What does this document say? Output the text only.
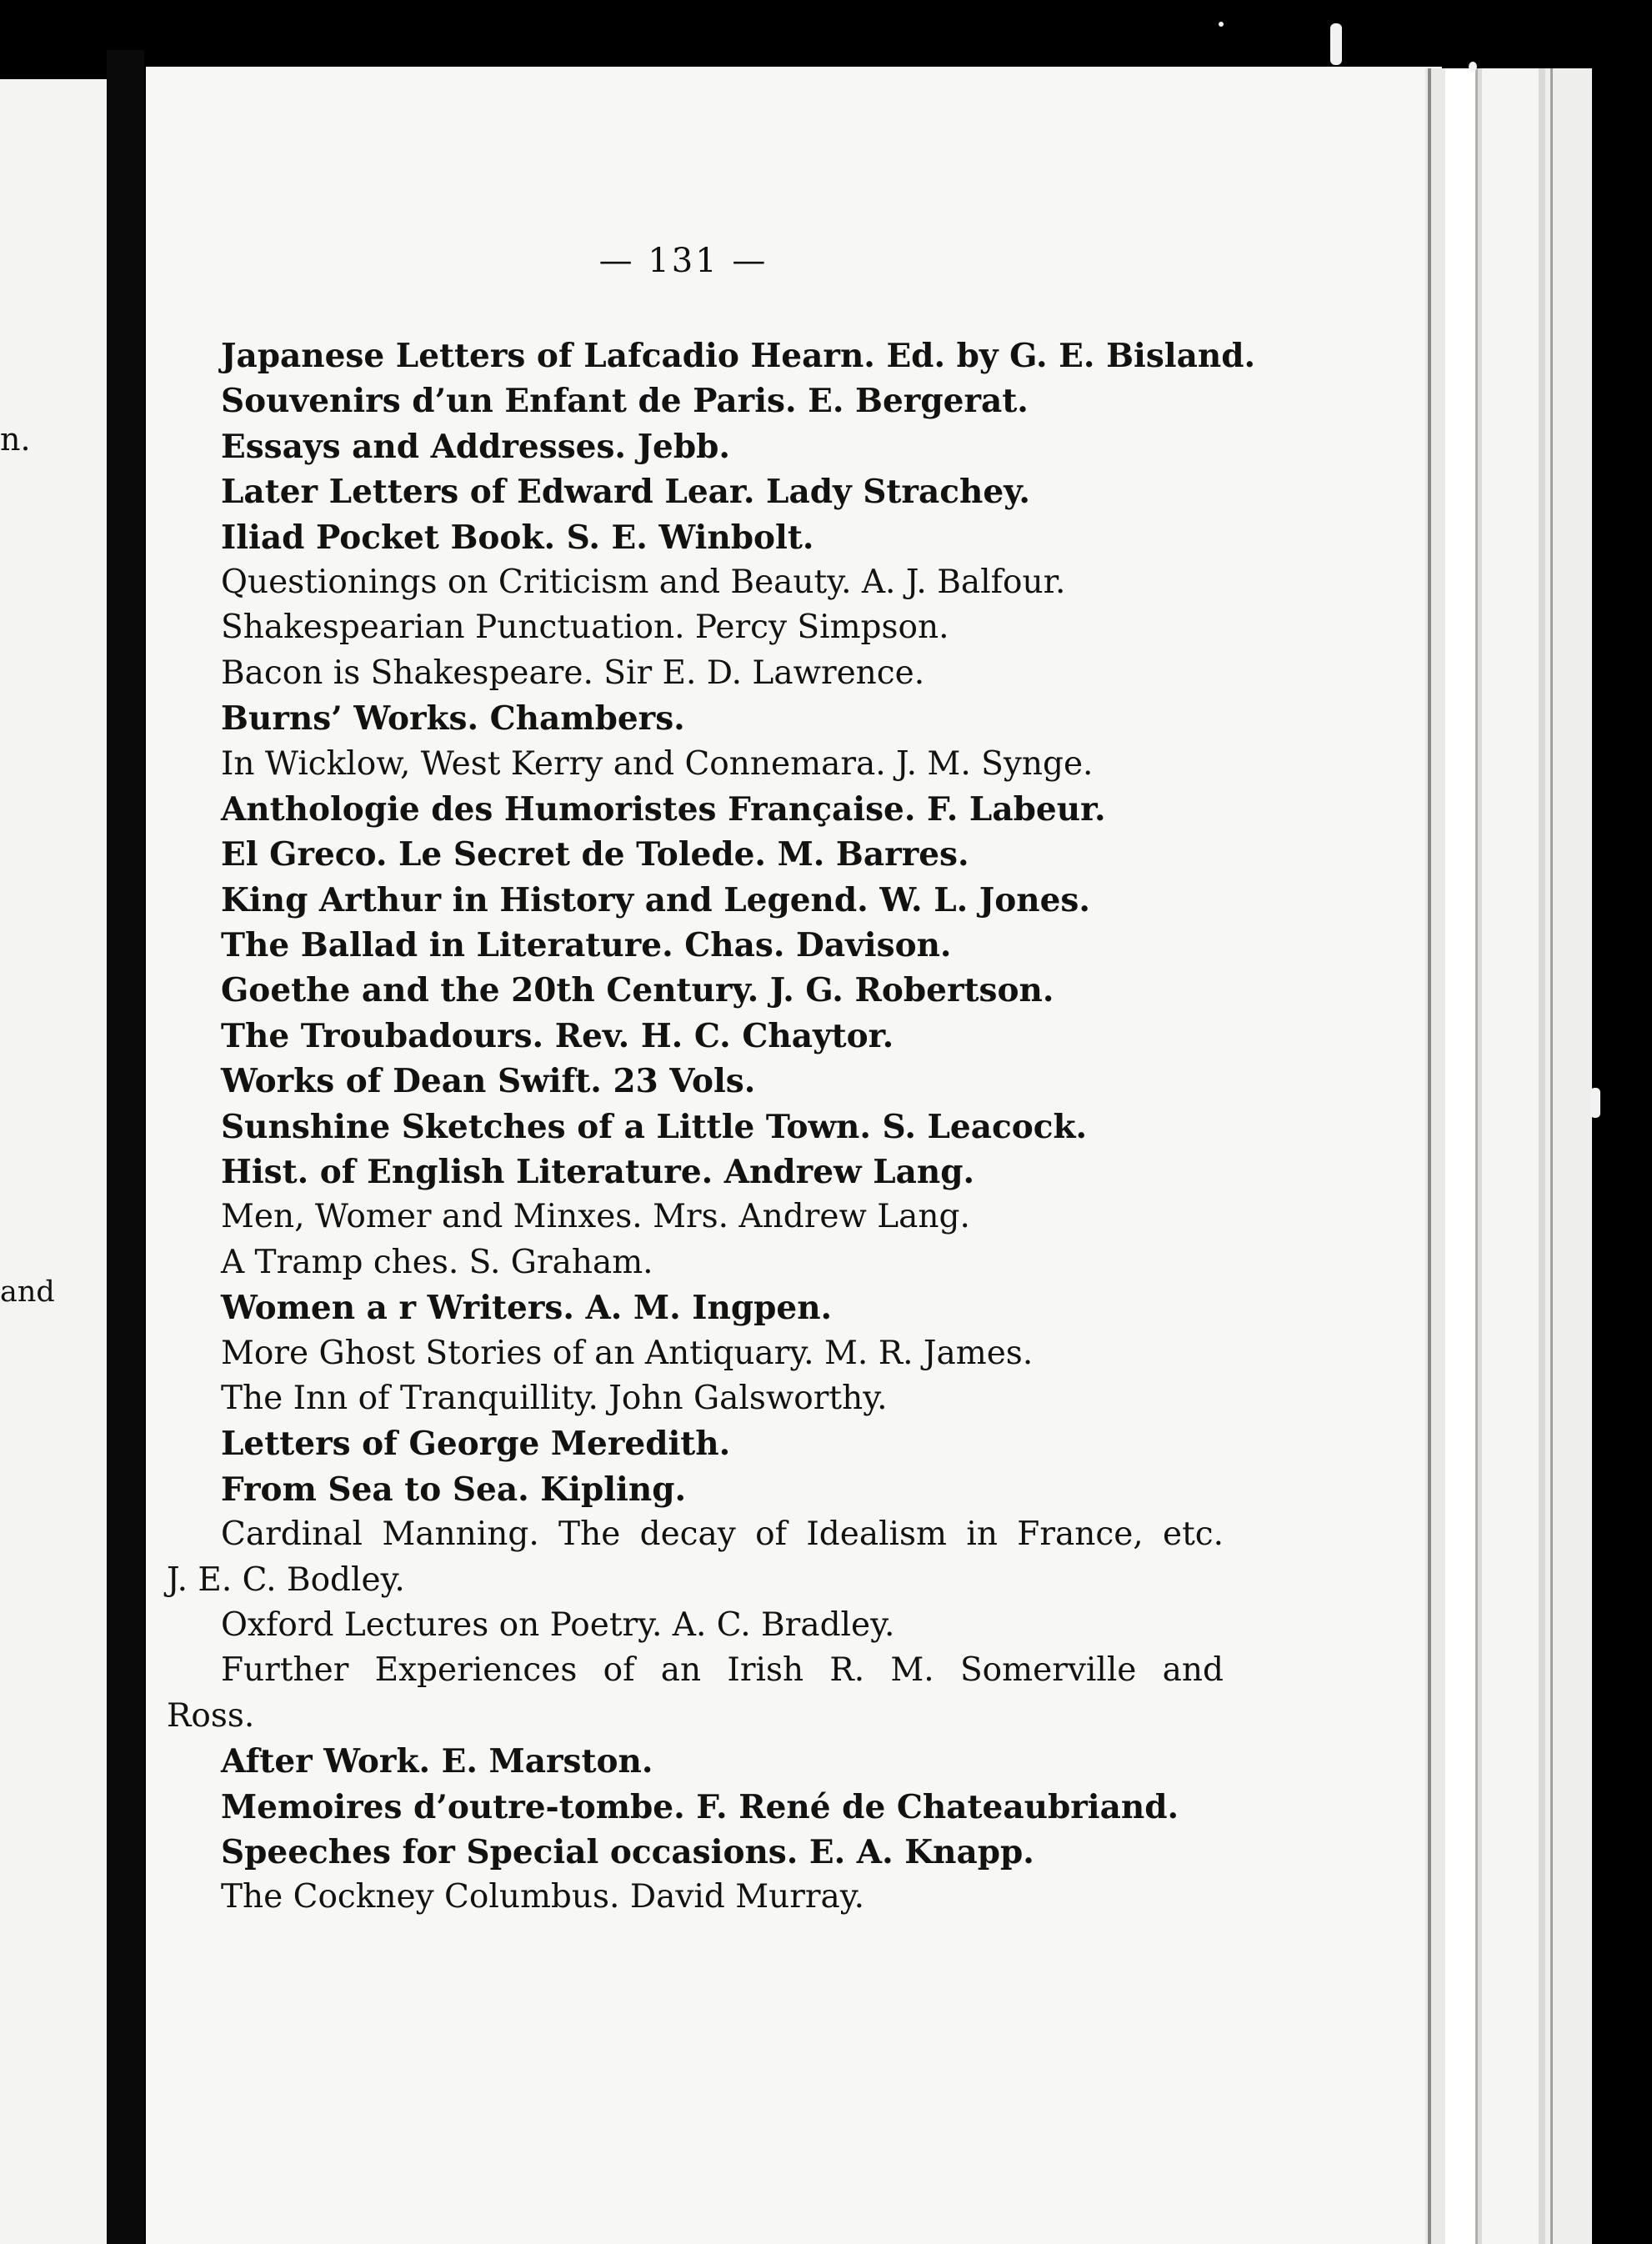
n.
and
— 131 —
Japanese Letters of Lafcadio Hearn. Ed. by G. E. Bisland.
Souvenirs d’un Enfant de Paris. E. Bergerat.
Essays and Addresses. Jebb.
Later Letters of Edward Lear. Lady Strachey.
Iliad Pocket Book. S. E. Winbolt.
Questionings on Criticism and Beauty. A. J. Balfour.
Shakespearian Punctuation. Percy Simpson.
Bacon is Shakespeare. Sir E. D. Lawrence.
Burns’ Works. Chambers.
In Wicklow, West Kerry and Connemara. J. M. Synge.
Anthologie des Humoristes Française. F. Labeur.
El Greco. Le Secret de Tolede. M. Barres.
King Arthur in History and Legend. W. L. Jones.
The Ballad in Literature. Chas. Davison.
Goethe and the 20th Century. J. G. Robertson.
The Troubadours. Rev. H. C. Chaytor.
Works of Dean Swift. 23 Vols.
Sunshine Sketches of a Little Town. S. Leacock.
Hist. of English Literature. Andrew Lang.
Men, Womer and Minxes. Mrs. Andrew Lang.
A Tramp ches. S. Graham.
Women a r Writers. A. M. Ingpen.
More Ghost Stories of an Antiquary. M. R. James.
The Inn of Tranquillity. John Galsworthy.
Letters of George Meredith.
From Sea to Sea. Kipling.
Cardinal Manning. The decay of Idealism in France, etc.
J. E. C. Bodley.
Oxford Lectures on Poetry. A. C. Bradley.
Further Experiences of an Irish R. M. Somerville and
Ross.
After Work. E. Marston.
Memoires d’outre-tombe. F. René de Chateaubriand.
Speeches for Special occasions. E. A. Knapp.
The Cockney Columbus. David Murray.
